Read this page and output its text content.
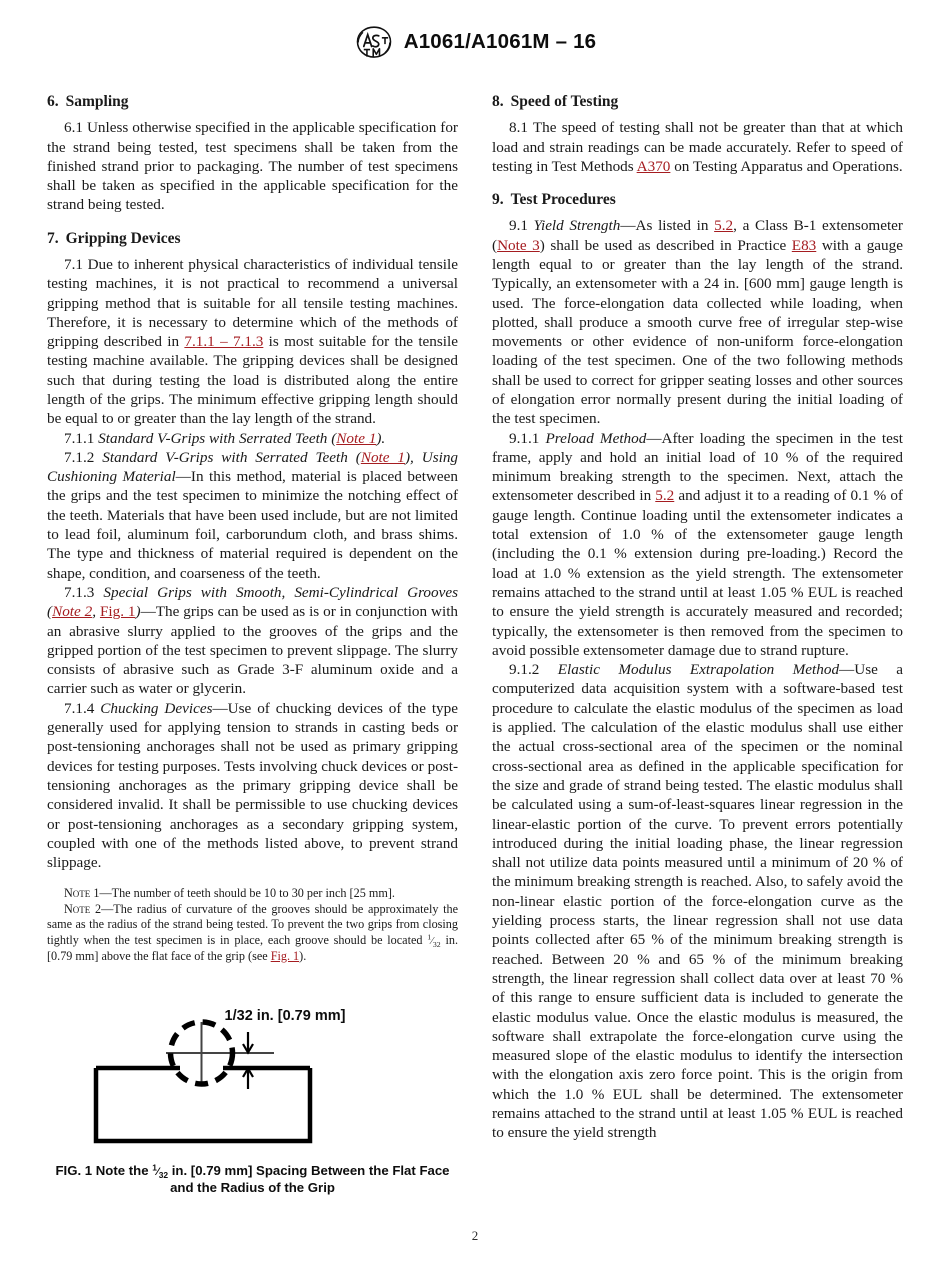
A1061/A1061M – 16
6. Sampling

6.1 Unless otherwise specified in the applicable specification for the strand being tested, test specimens shall be taken from the finished strand prior to packaging. The number of test specimens shall be taken as specified in the applicable specification for the strand being tested.

7. Gripping Devices

7.1 Due to inherent physical characteristics of individual tensile testing machines, it is not practical to recommend a universal gripping method that is suitable for all tensile testing machines. Therefore, it is necessary to determine which of the methods of gripping described in 7.1.1 – 7.1.3 is most suitable for the tensile testing machine available. The gripping devices shall be designed such that during testing the load is distributed along the entire length of the grips. The minimum effective gripping length should be equal to or greater than the lay length of the strand.

7.1.1 Standard V-Grips with Serrated Teeth (Note 1).

7.1.2 Standard V-Grips with Serrated Teeth (Note 1), Using Cushioning Material—In this method, material is placed between the grips and the test specimen to minimize the notching effect of the teeth. Materials that have been used include, but are not limited to lead foil, aluminum foil, carborundum cloth, and brass shims. The type and thickness of material required is dependent on the shape, condition, and coarseness of the teeth.

7.1.3 Special Grips with Smooth, Semi-Cylindrical Grooves (Note 2, Fig. 1)—The grips can be used as is or in conjunction with an abrasive slurry applied to the grooves of the grips and the gripped portion of the test specimen to prevent slippage. The slurry consists of abrasive such as Grade 3-F aluminum oxide and a carrier such as water or glycerin.

7.1.4 Chucking Devices—Use of chucking devices of the type generally used for applying tension to strands in casting beds or post-tensioning anchorages shall not be used as primary gripping devices for testing purposes. Tests involving chuck devices or post-tensioning anchorages as the primary gripping device shall be considered invalid. It shall be permissible to use chucking devices or post-tensioning anchorages as a secondary gripping system, coupled with one of the methods listed above, to prevent strand slippage.

Note 1—The number of teeth should be 10 to 30 per inch [25 mm].

Note 2—The radius of curvature of the grooves should be approximately the same as the radius of the strand being tested. To prevent the two grips from closing tightly when the test specimen is in place, each groove should be located $^1⁄_{32}$ in. [0.79 mm] above the flat face of the grip (see Fig. 1).

1/32 in. [0.79 mm]
FIG. 1 Note the $^1⁄_{32}$ in. [0.79 mm] Spacing Between the Flat Face
and the Radius of the Grip
8. Speed of Testing

8.1 The speed of testing shall not be greater than that at which load and strain readings can be made accurately. Refer to speed of testing in Test Methods A370 on Testing Apparatus and Operations.

9. Test Procedures

9.1 Yield Strength—As listed in 5.2, a Class B-1 extensometer (Note 3) shall be used as described in Practice E83 with a gauge length equal to or greater than the lay length of the strand. Typically, an extensometer with a 24 in. [600 mm] gauge length is used. The force-elongation data collected while loading, when plotted, shall produce a smooth curve free of irregular step-wise movements or other evidence of non-uniform force-elongation loading of the test specimen. One of the two following methods shall be used to correct for gripper seating losses and other sources of elongation error normally present during the initial loading of the test specimen.

9.1.1 Preload Method—After loading the specimen in the test frame, apply and hold an initial load of 10 % of the required minimum breaking strength to the specimen. Next, attach the extensometer described in 5.2 and adjust it to a reading of 0.1 % of gauge length. Continue loading until the extensometer indicates a total extension of 1.0 % of the extensometer gauge length (including the 0.1 % extension during pre-loading.) Record the load at 1.0 % extension as the yield strength. The extensometer remains attached to the strand until at least 1.05 % EUL is reached to ensure the yield strength is accurately measured and recorded; typically, the extensometer is then removed from the specimen to avoid possible extensometer damage due to strand rupture.

9.1.2 Elastic Modulus Extrapolation Method—Use a computerized data acquisition system with a software-based test procedure to calculate the elastic modulus of the specimen as load is applied. The calculation of the elastic modulus shall use either the actual cross-sectional area of the specimen or the nominal cross-sectional area as defined in the applicable specification for the size and grade of strand being tested. The elastic modulus shall be calculated using a sum-of-least-squares linear regression in the linear-elastic portion of the curve. To prevent errors potentially introduced during the initial loading phase, the linear regression shall not utilize data points measured until a minimum of 20 % of the minimum breaking strength is reached. Also, to safely avoid the non-linear elastic portion of the force-elongation curve as the yielding process starts, the linear regression shall not use data points collected after 65 % of the minimum breaking strength is reached. Between 20 % and 65 % of the minimum breaking strength, the linear regression shall collect data over at least 70 % of this range to ensure sufficient data is included to generate the elastic modulus value. Once the elastic modulus is measured, the software shall extrapolate the force-elongation curve using the measured slope of the elastic modulus to identify the intersection with the elongation axis zero force point. This is the origin from which the 1.0 % EUL shall be determined. The extensometer remains attached to the strand until at least 1.05 % EUL is reached to ensure the yield strength

2
